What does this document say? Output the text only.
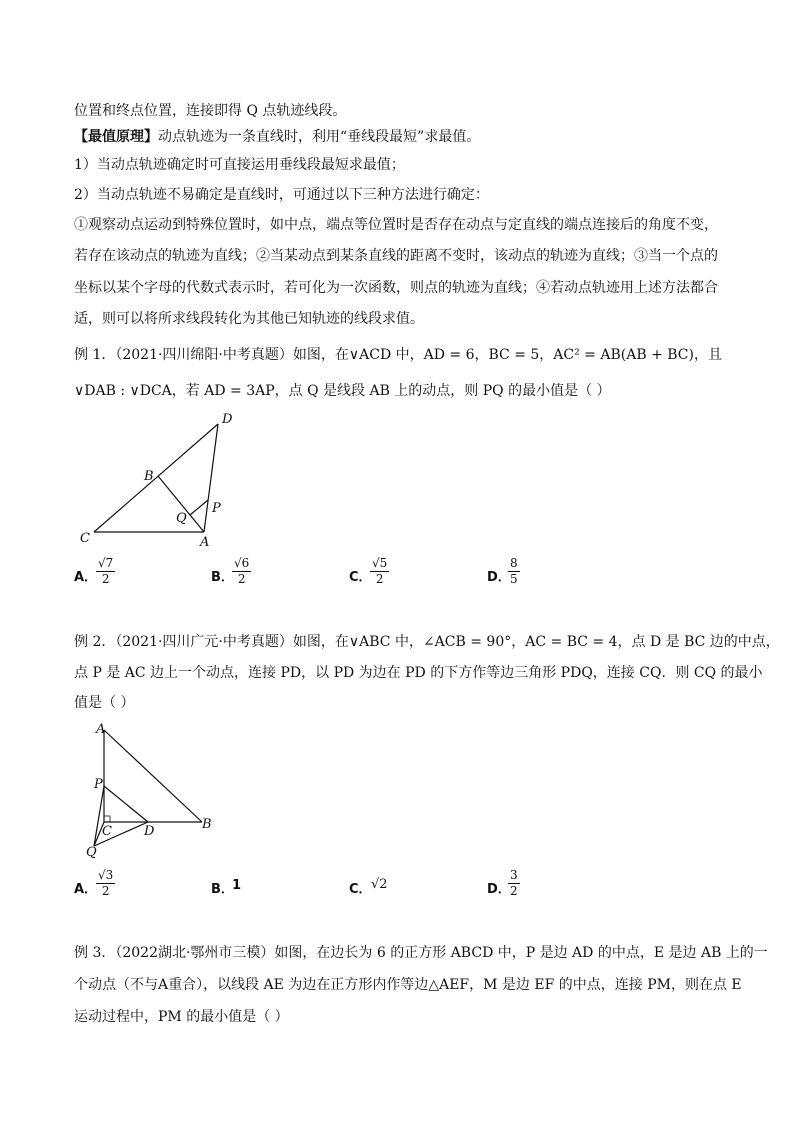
位置和终点位置，连接即得 Q 点轨迹线段。
【最值原理】动点轨迹为一条直线时，利用“垂线段最短”求最值。
1）当动点轨迹确定时可直接运用垂线段最短求最值；
2）当动点轨迹不易确定是直线时，可通过以下三种方法进行确定：
①观察动点运动到特殊位置时，如中点，端点等位置时是否存在动点与定直线的端点连接后的角度不变，
若存在该动点的轨迹为直线；②当某动点到某条直线的距离不变时，该动点的轨迹为直线；③当一个点的
坐标以某个字母的代数式表示时，若可化为一次函数，则点的轨迹为直线；④若动点轨迹用上述方法都合
适，则可以将所求线段转化为其他已知轨迹的线段求值。
例 1．（2021·四川绵阳·中考真题）如图，在∨ACD 中，AD = 6，BC = 5，AC² = AB(AB + BC)，且
∨DAB : ∨DCA，若 AD = 3AP，点 Q 是线段 AB 上的动点，则 PQ 的最小值是（ ）
D
B
P
Q
C	A
A．
$\frac{√7}{2}$	B．
$\frac{√6}{2}$	C．
$\frac{√5}{2}$	D．
$\frac{8}{5}$
例 2．（2021·四川广元·中考真题）如图，在∨ABC 中，∠ACB = 90°，AC = BC = 4，点 D 是 BC 边的中点，
点 P 是 AC 边上一个动点，连接 PD，以 PD 为边在 PD 的下方作等边三角形 PDQ，连接 CQ．则 CQ 的最小
值是（ ）
A
P
C D	B
Q
A．
$\frac{√3}{2}$	B．
1	C． √2	D．
$\frac{3}{2}$
例 3．（2022湖北·鄂州市三模）如图，在边长为 6 的正方形 ABCD 中，P 是边 AD 的中点，E 是边 AB 上的一
个动点（不与A重合），以线段 AE 为边在正方形内作等边△AEF，M 是边 EF 的中点，连接 PM，则在点 E
运动过程中，PM 的最小值是（ ）
